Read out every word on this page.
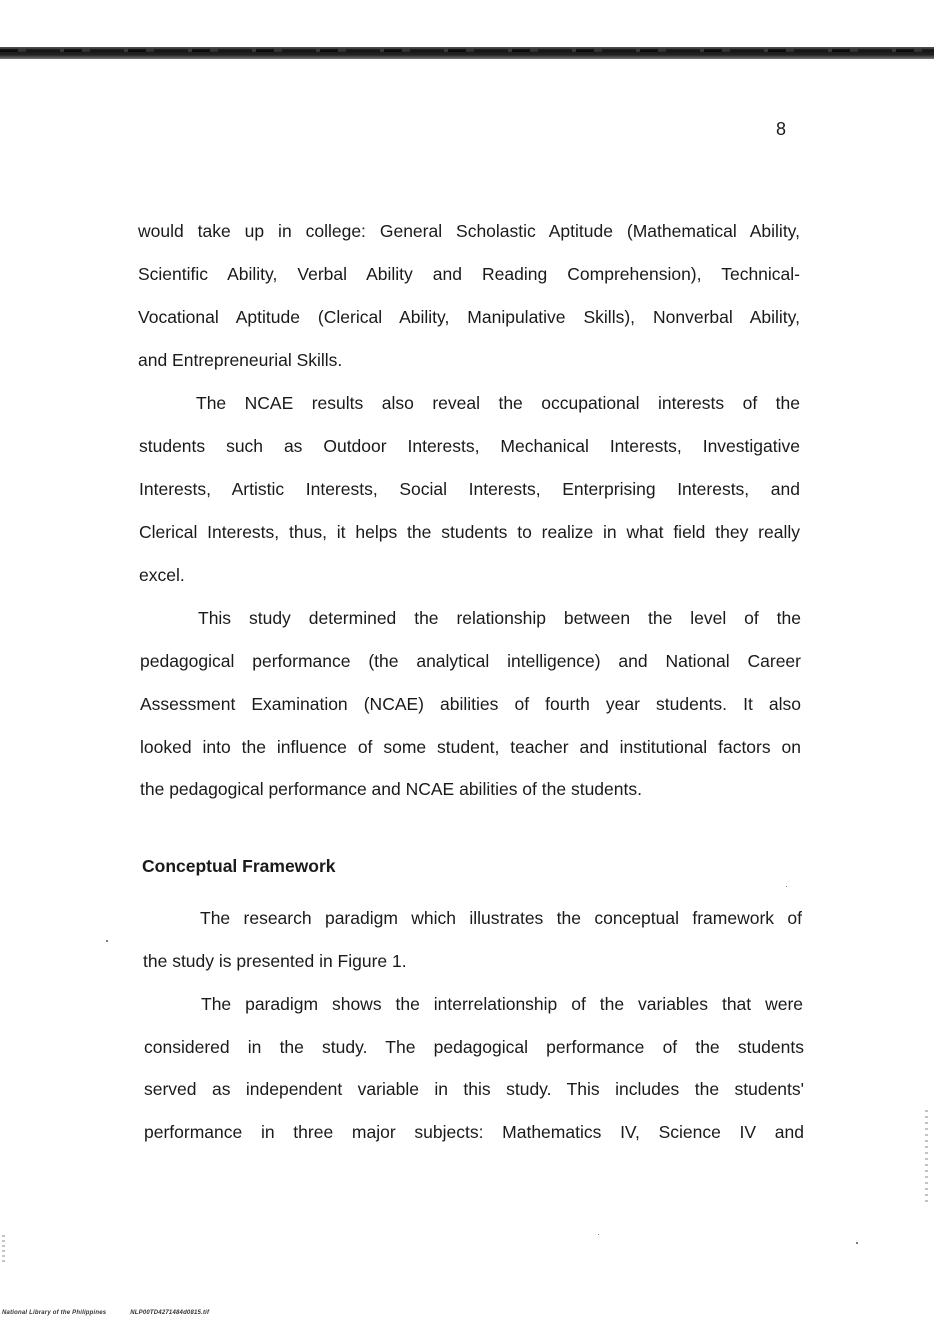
8
would take up in college: General Scholastic Aptitude (Mathematical Ability,
Scientific Ability, Verbal Ability and Reading Comprehension), Technical-
Vocational Aptitude (Clerical Ability, Manipulative Skills), Nonverbal Ability,
and Entrepreneurial Skills.
The NCAE results also reveal the occupational interests of the
students such as Outdoor Interests, Mechanical Interests, Investigative
Interests, Artistic Interests, Social Interests, Enterprising Interests, and
Clerical Interests, thus, it helps the students to realize in what field they really
excel.
This study determined the relationship between the level of the
pedagogical performance (the analytical intelligence) and National Career
Assessment Examination (NCAE) abilities of fourth year students. It also
looked into the influence of some student, teacher and institutional factors on
the pedagogical performance and NCAE abilities of the students.
Conceptual Framework
The research paradigm which illustrates the conceptual framework of
the study is presented in Figure 1.
The paradigm shows the interrelationship of the variables that were
considered in the study. The pedagogical performance of the students
served as independent variable in this study. This includes the students'
performance in three major subjects: Mathematics IV, Science IV and
National Library of the Philippines	NLP00TD4271484d0815.tif
